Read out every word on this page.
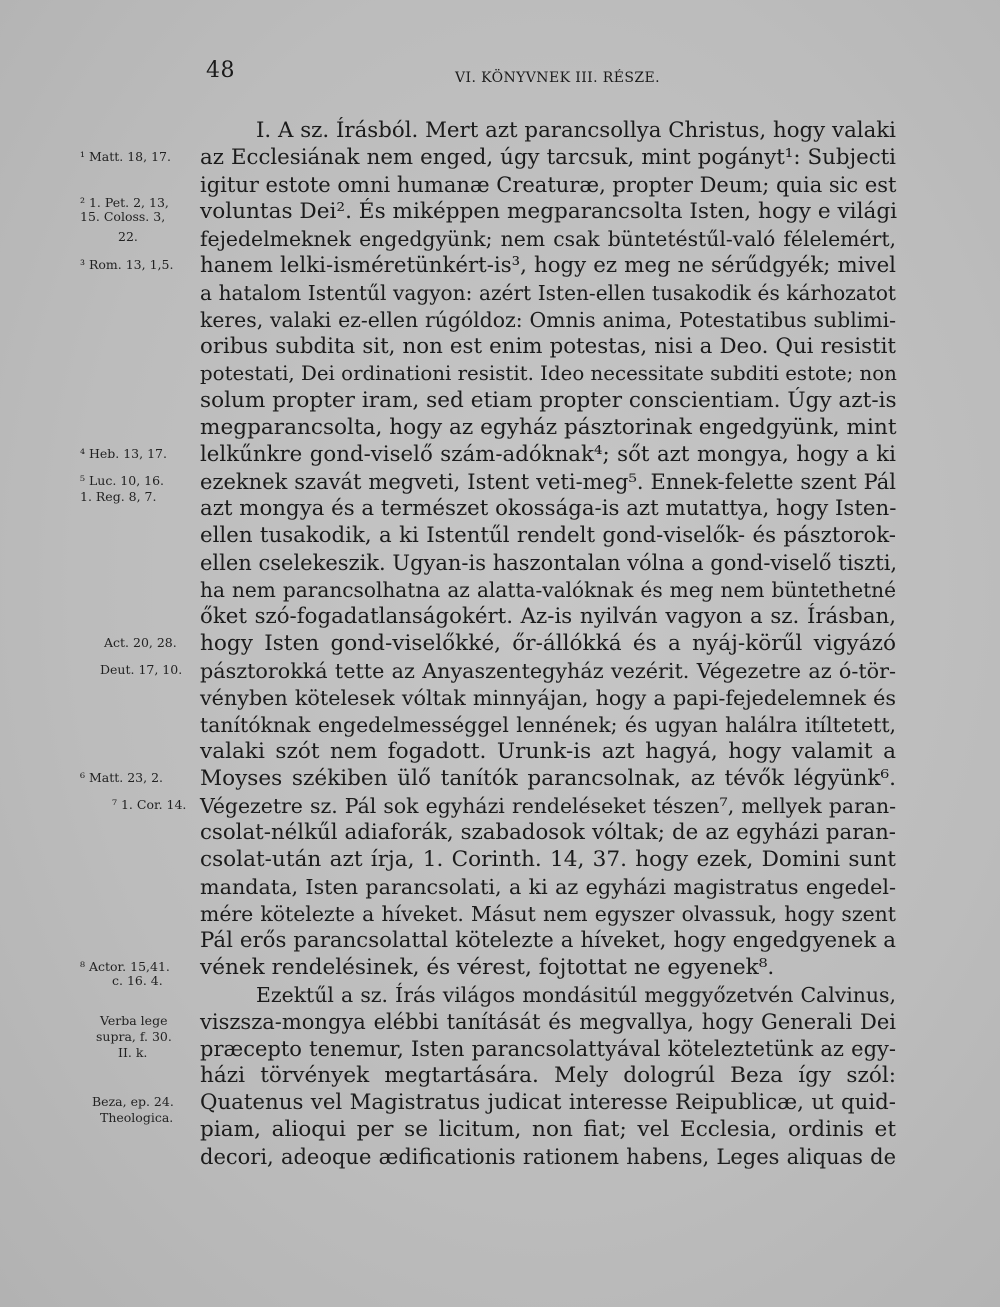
48	VI. KÖNYVNEK III. RÉSZE.
I. A sz. Írásból. Mert azt parancsollya Christus, hogy valaki
az Ecclesiának nem enged, úgy tarcsuk, mint pogányt¹: Subjecti
igitur estote omni humanæ Creaturæ, propter Deum; quia sic est
voluntas Dei². És miképpen megparancsolta Isten, hogy e világi
fejedelmeknek engedgyünk; nem csak büntetéstűl-való félelemért,
hanem lelki-isméretünkért-is³, hogy ez meg ne sérűdgyék; mivel
a hatalom Istentűl vagyon: azért Isten-ellen tusakodik és kárhozatot
keres, valaki ez-ellen rúgóldoz: Omnis anima, Potestatibus sublimi-
oribus subdita sit, non est enim potestas, nisi a Deo. Qui resistit
potestati, Dei ordinationi resistit. Ideo necessitate subditi estote; non
solum propter iram, sed etiam propter conscientiam. Úgy azt-is
megparancsolta, hogy az egyház pásztorinak engedgyünk, mint
lelkűnkre gond-viselő szám-adóknak⁴; sőt azt mongya, hogy a ki
ezeknek szavát megveti, Istent veti-meg⁵. Ennek-felette szent Pál
azt mongya és a természet okossága-is azt mutattya, hogy Isten-
ellen tusakodik, a ki Istentűl rendelt gond-viselők- és pásztorok-
ellen cselekeszik. Ugyan-is haszontalan vólna a gond-viselő tiszti,
ha nem parancsolhatna az alatta-valóknak és meg nem büntethetné
őket szó-fogadatlanságokért. Az-is nyilván vagyon a sz. Írásban,
hogy Isten gond-viselőkké, őr-állókká és a nyáj-körűl vigyázó
pásztorokká tette az Anyaszentegyház vezérit. Végezetre az ó-tör-
vényben kötelesek vóltak minnyájan, hogy a papi-fejedelemnek és
tanítóknak engedelmességgel lennének; és ugyan halálra itíltetett,
valaki szót nem fogadott. Urunk-is azt hagyá, hogy valamit a
Moyses székiben ülő tanítók parancsolnak, az tévők légyünk⁶.
Végezetre sz. Pál sok egyházi rendeléseket tészen⁷, mellyek paran-
csolat-nélkűl adiaforák, szabadosok vóltak; de az egyházi paran-
csolat-után azt írja, 1. Corinth. 14, 37. hogy ezek, Domini sunt
mandata, Isten parancsolati, a ki az egyházi magistratus engedel-
mére kötelezte a híveket. Másut nem egyszer olvassuk, hogy szent
Pál erős parancsolattal kötelezte a híveket, hogy engedgyenek a
vének rendelésinek, és vérest, fojtottat ne egyenek⁸.
Ezektűl a sz. Írás világos mondásitúl meggyőzetvén Calvinus,
viszsza-mongya elébbi tanítását és megvallya, hogy Generali Dei
præcepto tenemur, Isten parancsolattyával köteleztetünk az egy-
házi törvények megtartására. Mely dologrúl Beza így szól:
Quatenus vel Magistratus judicat interesse Reipublicæ, ut quid-
piam, alioqui per se licitum, non fiat; vel Ecclesia, ordinis et
decori, adeoque ædificationis rationem habens, Leges aliquas de
¹ Matt. 18, 17.
² 1. Pet. 2, 13,
15. Coloss. 3,
22.
³ Rom. 13, 1,5.
⁴ Heb. 13, 17.
⁵ Luc. 10, 16.
1. Reg. 8, 7.
Act. 20, 28.
Deut. 17, 10.
⁶ Matt. 23, 2.
⁷ 1. Cor. 14.
⁸ Actor. 15,41.
c. 16. 4.
Verba lege
supra, f. 30.
II. k.
Beza, ep. 24.
Theologica.
